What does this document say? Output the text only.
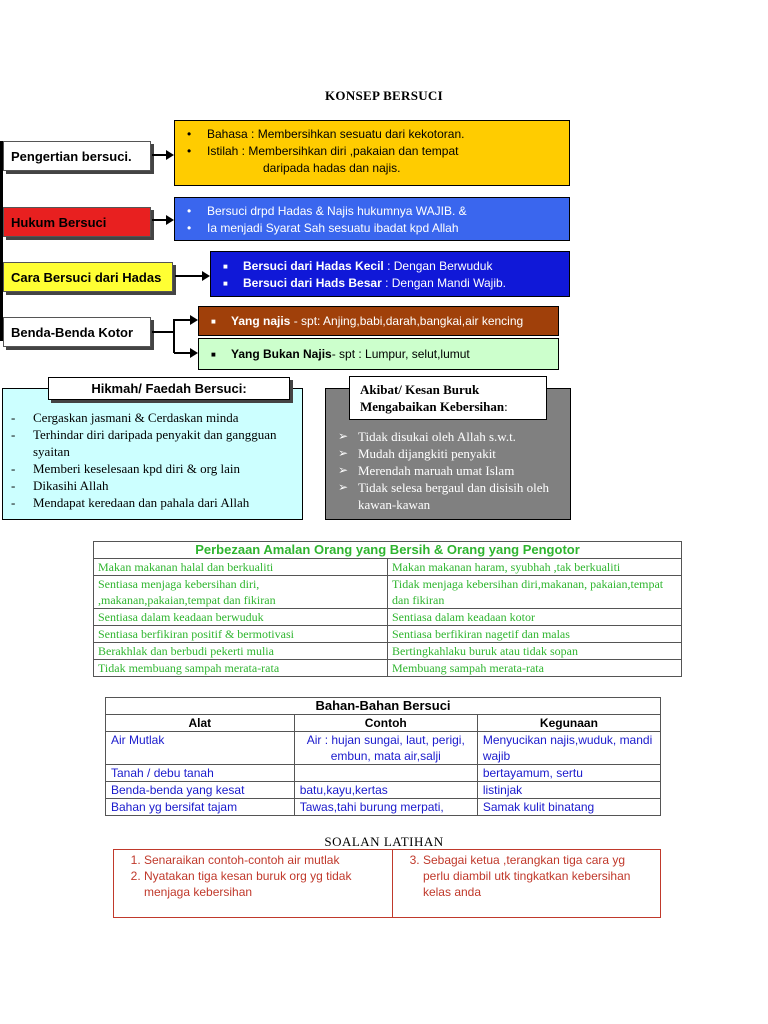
KONSEP BERSUCI
Pengertian bersuci.
• Bahasa : Membersihkan sesuatu dari kekotoran.
• Istilah : Membersihkan diri ,pakaian dan tempat
daripada hadas dan najis.
Hukum Bersuci
• Bersuci drpd Hadas & Najis hukumnya WAJIB. &
• Ia menjadi Syarat Sah sesuatu ibadat kpd Allah
Cara Bersuci dari Hadas
■ Bersuci dari Hadas Kecil : Dengan Berwuduk
■ Bersuci dari Hads Besar : Dengan Mandi Wajib.
Benda-Benda Kotor
■ Yang najis - spt: Anjing,babi,darah,bangkai,air kencing
■ Yang Bukan Najis- spt : Lumpur, selut,lumut
- Cergaskan jasmani & Cerdaskan minda
- Terhindar diri daripada penyakit dan gangguan syaitan
- Memberi keselesaan kpd diri & org lain
- Dikasihi Allah
- Mendapat keredaan dan pahala dari Allah
Hikmah/ Faedah Bersuci:
➢ Tidak disukai oleh Allah s.w.t.
➢ Mudah dijangkiti penyakit
➢ Merendah maruah umat Islam
➢ Tidak selesa bergaul dan disisih oleh kawan-kawan
Akibat/ Kesan Buruk Mengabaikan Kebersihan:
Perbezaan Amalan Orang yang Bersih & Orang yang Pengotor	
Makan makanan halal dan berkualiti	Makan makanan haram, syubhah ,tak berkualiti
Sentiasa menjaga kebersihan diri, ,makanan,pakaian,tempat dan fikiran	Tidak menjaga kebersihan diri,makanan, pakaian,tempat dan fikiran
Sentiasa dalam keadaan berwuduk	Sentiasa dalam keadaan kotor
Sentiasa berfikiran positif & bermotivasi	Sentiasa berfikiran nagetif dan malas
Berakhlak dan berbudi pekerti mulia	Bertingkahlaku buruk atau tidak sopan
Tidak membuang sampah merata-rata	Membuang sampah merata-rata
Bahan-Bahan Bersuci		
Alat	Contoh	Kegunaan
Air Mutlak	Air : hujan sungai, laut, perigi, embun, mata air,salji	Menyucikan najis,wuduk, mandi wajib
Tanah / debu tanah		bertayamum, sertu
Benda-benda yang kesat	batu,kayu,kertas	listinjak
Bahan yg bersifat tajam	Tawas,tahi burung merpati,	Samak kulit binatang
SOALAN LATIHAN
1. Senaraikan contoh-contoh air mutlak
2. Nyatakan tiga kesan buruk org yg tidak menjaga kebersihan

3. Sebagai ketua ,terangkan tiga cara yg perlu diambil utk tingkatkan kebersihan kelas anda
